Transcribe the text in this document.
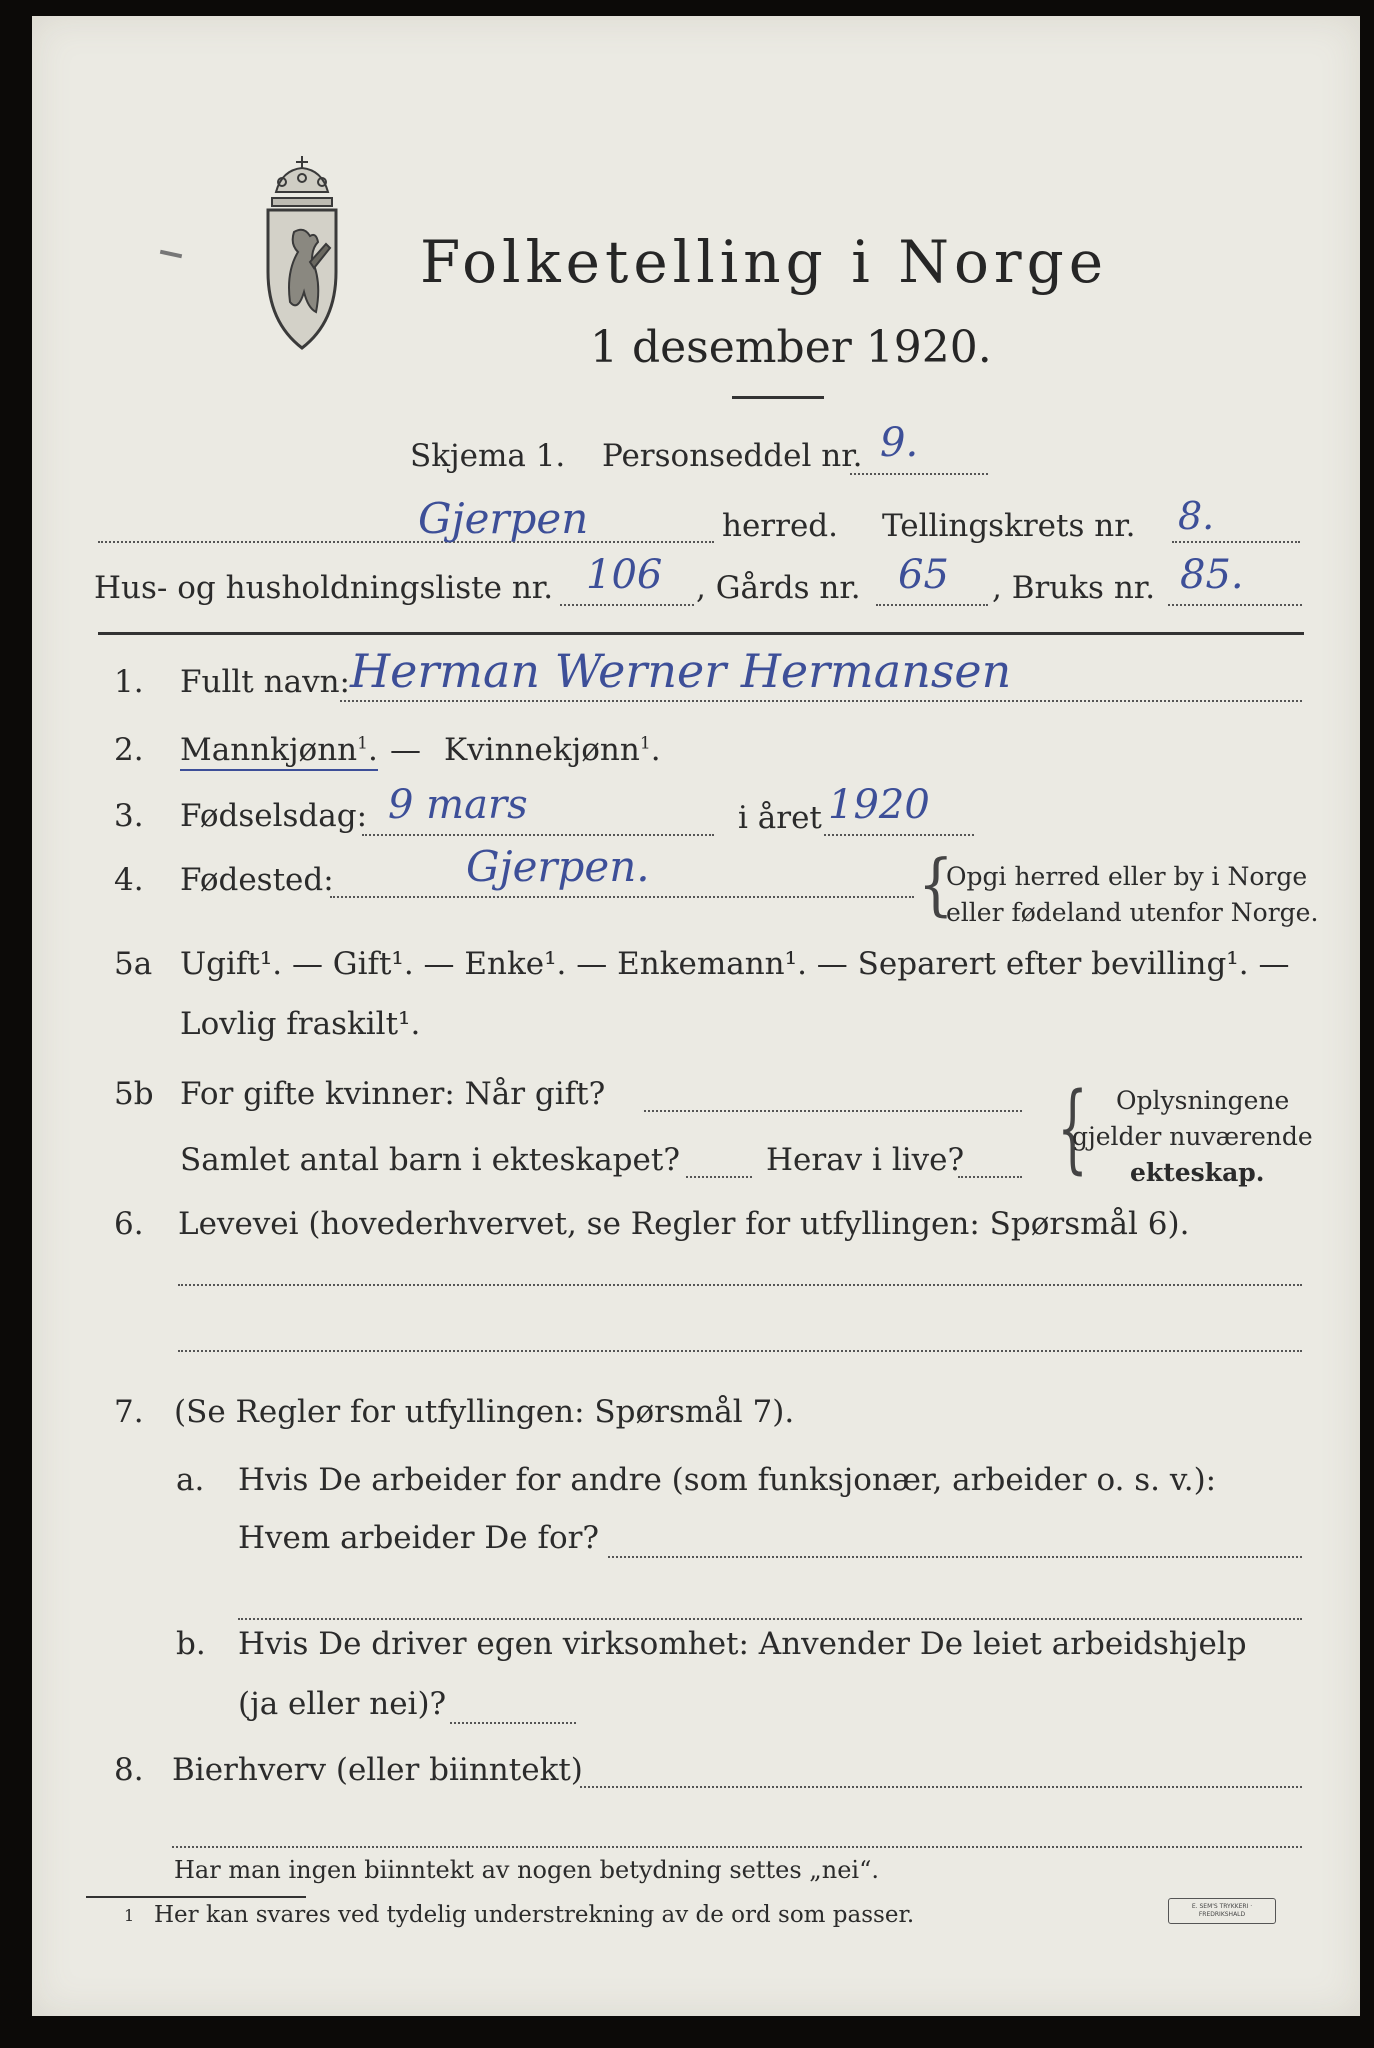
Folketelling i Norge
1 desember 1920.
Skjema 1. Personseddel nr. 9.
Gjerpen	herred. Tellingskrets nr. 8.
Hus- og husholdningsliste nr. 106 , Gårds nr. 65 , Bruks nr. 85.
1. Fullt navn: Herman Werner Hermansen
2. Mannkjønn$^1$. — Kvinnekjønn$^1$.
3. Fødselsdag: 9 mars	i året 1920
4. Fødested:	Gjerpen.	{
Opgi herred eller by i Norge
eller fødeland utenfor Norge.
5a Ugift¹. — Gift¹. — Enke¹. — Enkemann¹. — Separert efter bevilling¹. —
Lovlig fraskilt¹.
5b For gifte kvinner: Når gift?
Samlet antal barn i ekteskapet?	Herav i live? { Oplysningene
gjelder nuværende
ekteskap.
6. Levevei (hovederhvervet, se Regler for utfyllingen: Spørsmål 6).
7. (Se Regler for utfyllingen: Spørsmål 7).
a. Hvis De arbeider for andre (som funksjonær, arbeider o. s. v.):
Hvem arbeider De for?
b. Hvis De driver egen virksomhet: Anvender De leiet arbeidshjelp
(ja eller nei)?
8. Bierhverv (eller biinntekt)
Har man ingen biinntekt av nogen betydning settes „nei“.
1 Her kan svares ved tydelig understrekning av de ord som passer.	E. SEM'S TRYKKERI · FREDRIKSHALD
